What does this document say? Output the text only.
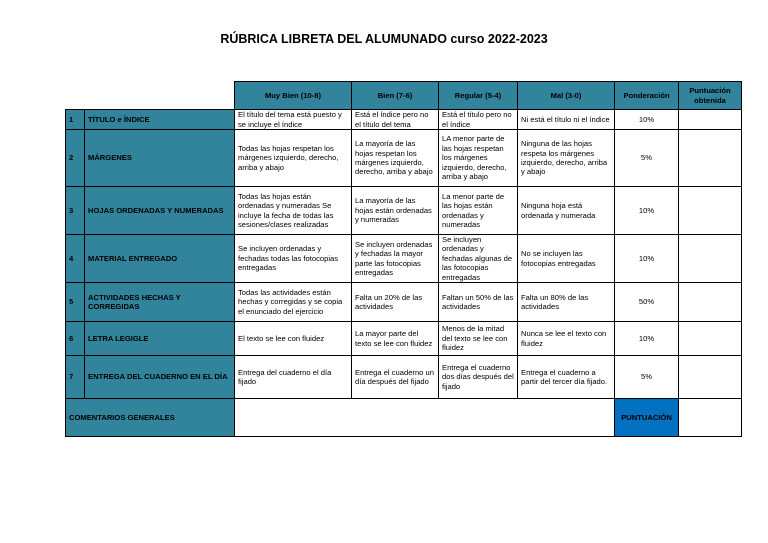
RÚBRICA LIBRETA DEL ALUMUNADO curso 2022-2023
		Muy Bien (10-8)	Bien (7-6)	Regular (5-4)	Mal (3-0)	Ponderación	Puntuación obtenida
1	TÍTULO e ÍNDICE	El título del tema está puesto y se incluye el índice	Está el índice pero no el título del tema	Está el título pero no el índice	Ni está el título ni el índice	10%	
2	MÁRGENES	Todas las hojas respetan los márgenes izquierdo, derecho, arriba y abajo	La mayoría de las hojas respetan los márgenes izquierdo, derecho, arriba y abajo	LA menor parte de las hojas respetan los márgenes izquierdo, derecho, arriba y abajo	Ninguna de las hojas respeta los márgenes izquierdo, derecho, arriba y abajo	5%	
3	HOJAS ORDENADAS Y NUMERADAS	Todas las hojas están ordenadas y numeradas Se incluye la fecha de todas las sesiones/clases realizadas	La mayoría de las hojas están ordenadas y numeradas	La menor parte de las hojas están ordenadas y numeradas	Ninguna hoja está ordenada y numerada	10%	
4	MATERIAL ENTREGADO	Se incluyen ordenadas y fechadas todas las fotocopias entregadas	Se incluyen ordenadas y fechadas la mayor parte las fotocopias entregadas	Se incluyen ordenadas y fechadas algunas de las fotocopias entregadas	No se incluyen las fotocopias entregadas	10%	
5	ACTIVIDADES HECHAS Y CORREGIDAS	Todas las actividades están hechas y corregidas y se copia el enunciado del ejercicio	Falta un 20% de las actividades	Faltan un 50% de las actividades	Falta un 80% de las actividades	50%	
6	LETRA LEGIGLE	El texto se lee con fluidez	La mayor parte del texto se lee con fluidez	Menos de la mitad del texto se lee con fluidez	Nunca se lee el texto con fluidez	10%	
7	ENTREGA DEL CUADERNO EN EL DÍA	Entrega del cuaderno el día fijado	Entrega el cuaderno un día después del fijado	Entrega el cuaderno dos días después del fijado	Entrega el cuaderno a partir del tercer día fijado.	5%	
COMENTARIOS GENERALES						PUNTUACIÓN	
